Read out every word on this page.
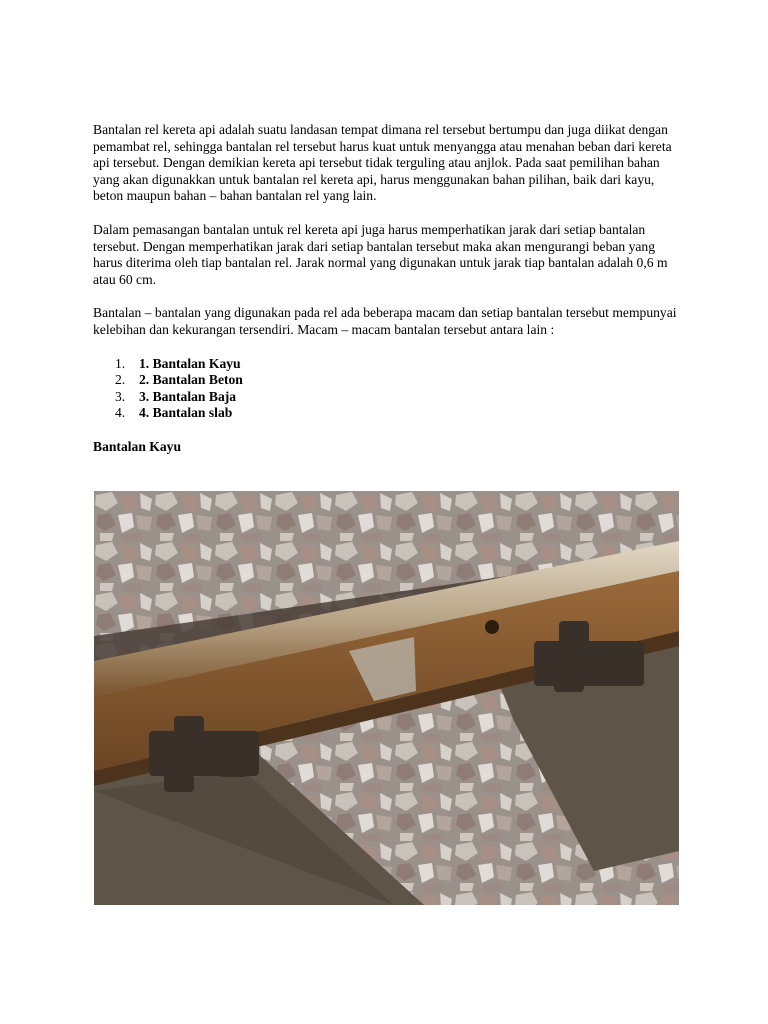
Bantalan rel kereta api adalah suatu landasan tempat dimana rel tersebut bertumpu dan juga diikat dengan pemambat rel, sehingga bantalan rel tersebut harus kuat untuk menyangga atau menahan beban dari kereta api tersebut. Dengan demikian kereta api tersebut tidak terguling atau anjlok. Pada saat pemilihan bahan yang akan digunakkan untuk bantalan rel kereta api, harus menggunakan bahan pilihan, baik dari kayu, beton maupun bahan – bahan bantalan rel yang lain.

Dalam pemasangan bantalan untuk rel kereta api juga harus memperhatikan jarak dari setiap bantalan tersebut. Dengan memperhatikan jarak dari setiap bantalan tersebut maka akan mengurangi beban yang harus diterima oleh tiap bantalan rel. Jarak normal yang digunakan untuk jarak tiap bantalan adalah 0,6 m atau 60 cm.

Bantalan – bantalan yang digunakan pada rel ada beberapa macam dan setiap bantalan tersebut mempunyai kelebihan dan kekurangan tersendiri. Macam – macam bantalan tersebut antara lain :

1.	1. Bantalan Kayu
2.	2. Bantalan Beton
3.	3. Bantalan Baja
4.	4. Bantalan slab

Bantalan Kayu
